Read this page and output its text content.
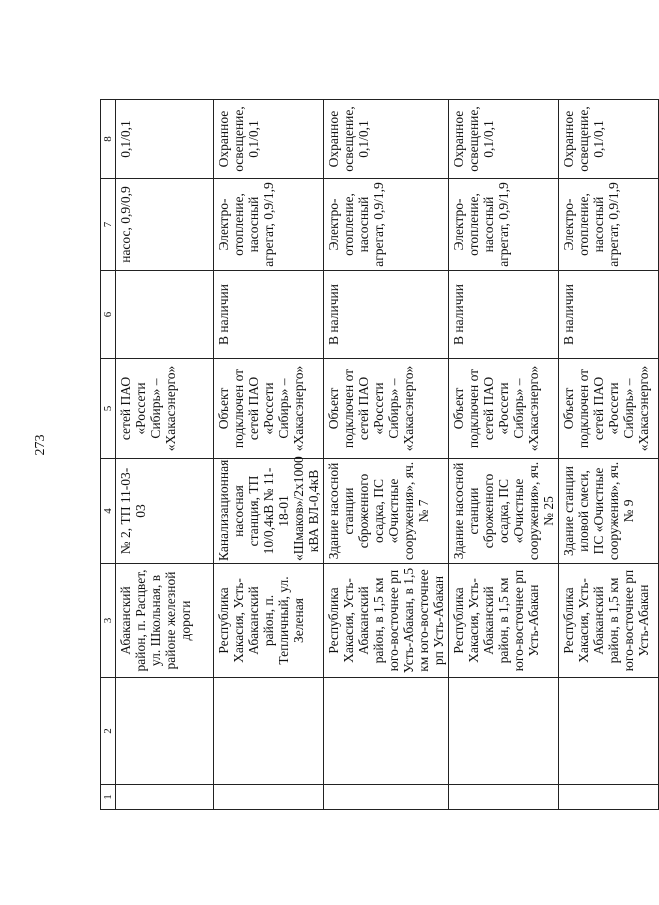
273
1	2	3	4	5	6	7	8
		Абаканский район, п. Расцвет, ул. Школьная, в районе железной дороги	№ 2, ТП 11-03-03	сетей ПАО «Россети Сибирь» – «Хакасэнерго»		насос, 0,9/0,9	0,1/0,1
		Республика Хакасия, Усть-Абаканский район, п. Тепличный, ул. Зеленая	Канализационная насосная станция, ТП 10/0,4кВ № 11-18-01 «Шмаков»/2х1000 кВА ВЛ-0,4кВ	Объект подключен от сетей ПАО «Россети Сибирь» – «Хакасэнерго»	В наличии	Электро-отопление, насосный агрегат, 0,9/1,9	Охранное освещение, 0,1/0,1
		Республика Хакасия, Усть-Абаканский район, в 1,5 км юго-восточнее рп Усть-Абакан, в 1,5 км юго-восточнее рп Усть-Абакан	Здание насосной станции сброженного осадка, ПС «Очистные сооружения», яч. № 7	Объект подключен от сетей ПАО «Россети Сибирь» – «Хакасэнерго»	В наличии	Электро-отопление, насосный агрегат, 0,9/1,9	Охранное освещение, 0,1/0,1
		Республика Хакасия, Усть-Абаканский район, в 1,5 км юго-восточнее рп Усть-Абакан	Здание насосной станции сброженного осадка, ПС «Очистные сооружения», яч. № 25	Объект подключен от сетей ПАО «Россети Сибирь» – «Хакасэнерго»	В наличии	Электро-отопление, насосный агрегат, 0,9/1,9	Охранное освещение, 0,1/0,1
		Республика Хакасия, Усть-Абаканский район, в 1,5 км юго-восточнее рп Усть-Абакан	Здание станции иловой смеси, ПС «Очистные сооружения», яч. № 9	Объект подключен от сетей ПАО «Россети Сибирь» – «Хакасэнерго»	В наличии	Электро-отопление, насосный агрегат, 0,9/1,9	Охранное освещение, 0,1/0,1
